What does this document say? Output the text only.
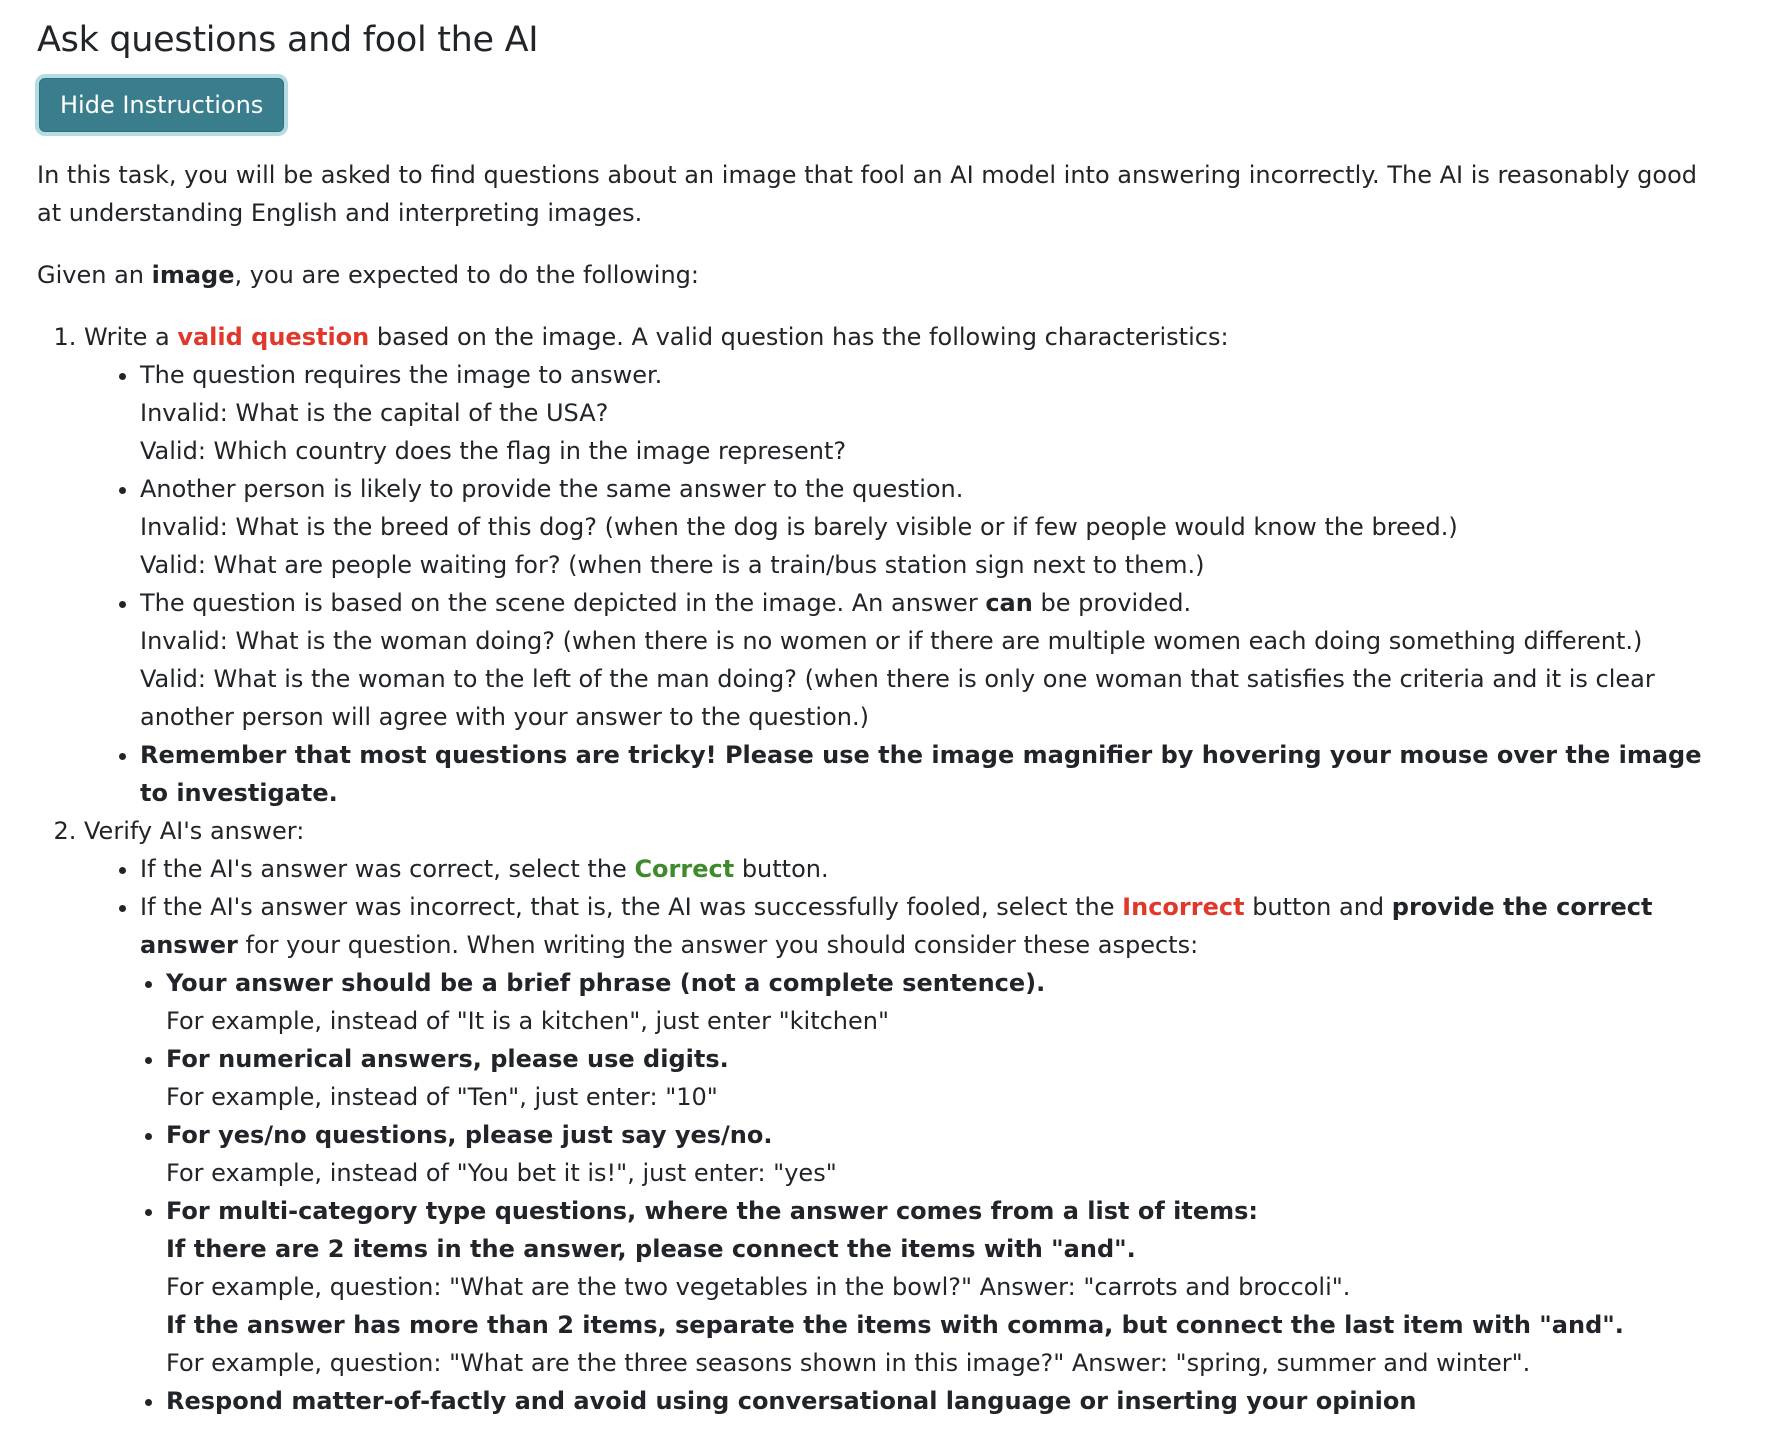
Ask questions and fool the AI
Hide Instructions

In this task, you will be asked to find questions about an image that fool an AI model into answering incorrectly. The AI is reasonably good at understanding English and interpreting images.

Given an image, you are expected to do the following:

1. Write a valid question based on the image. A valid question has the following characteristics:
• The question requires the image to answer.
Invalid: What is the capital of the USA?
Valid: Which country does the flag in the image represent?
• Another person is likely to provide the same answer to the question.
Invalid: What is the breed of this dog? (when the dog is barely visible or if few people would know the breed.)
Valid: What are people waiting for? (when there is a train/bus station sign next to them.)
• The question is based on the scene depicted in the image. An answer can be provided.
Invalid: What is the woman doing? (when there is no women or if there are multiple women each doing something different.)
Valid: What is the woman to the left of the man doing? (when there is only one woman that satisfies the criteria and it is clear another person will agree with your answer to the question.)
• Remember that most questions are tricky! Please use the image magnifier by hovering your mouse over the image to investigate.
2. Verify AI's answer:
• If the AI's answer was correct, select the Correct button.
• If the AI's answer was incorrect, that is, the AI was successfully fooled, select the Incorrect button and provide the correct answer for your question. When writing the answer you should consider these aspects:
• Your answer should be a brief phrase (not a complete sentence).
For example, instead of "It is a kitchen", just enter "kitchen"
• For numerical answers, please use digits.
For example, instead of "Ten", just enter: "10"
• For yes/no questions, please just say yes/no.
For example, instead of "You bet it is!", just enter: "yes"
• For multi-category type questions, where the answer comes from a list of items:
If there are 2 items in the answer, please connect the items with "and".
For example, question: "What are the two vegetables in the bowl?" Answer: "carrots and broccoli".
If the answer has more than 2 items, separate the items with comma, but connect the last item with "and".
For example, question: "What are the three seasons shown in this image?" Answer: "spring, summer and winter".
• Respond matter-of-factly and avoid using conversational language or inserting your opinion
